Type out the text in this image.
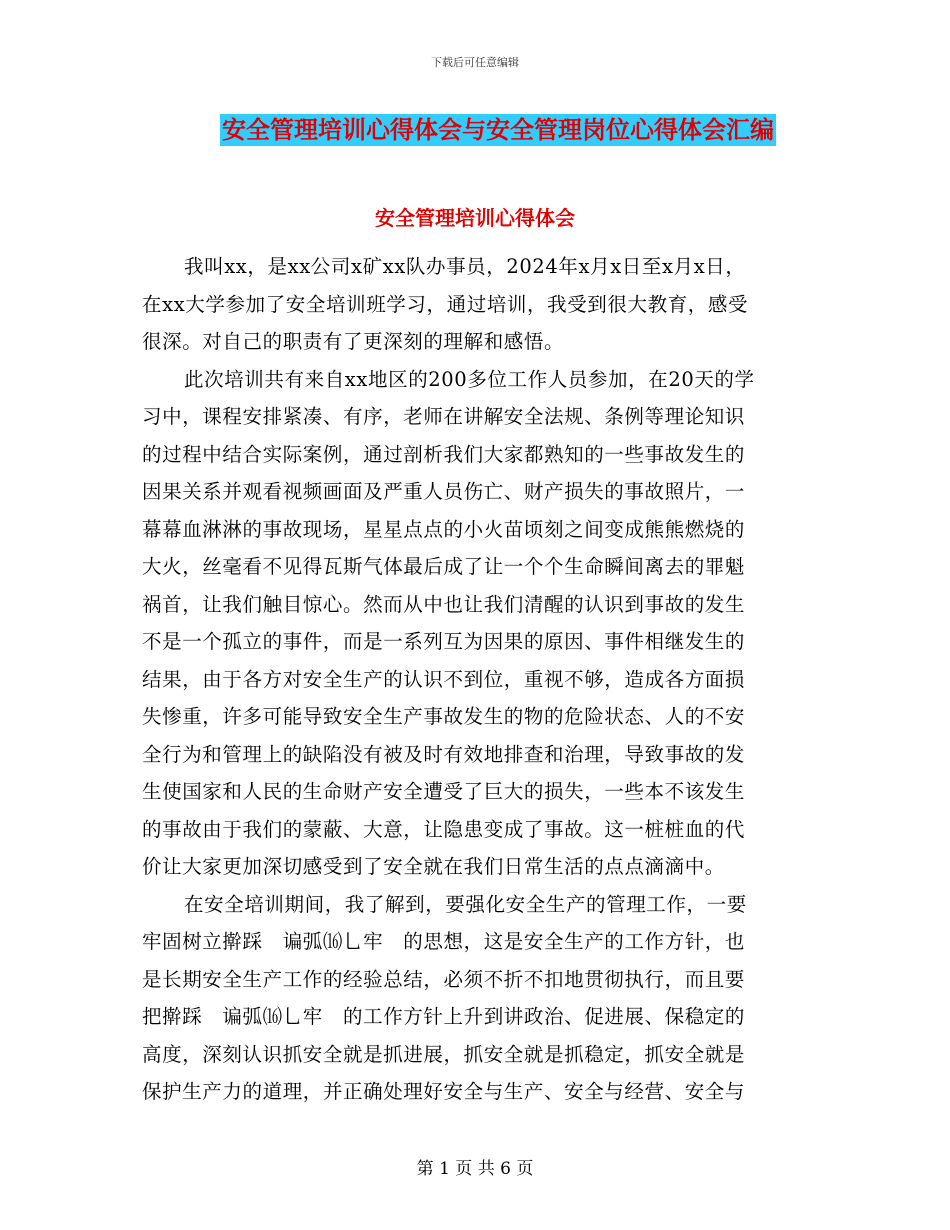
下载后可任意编辑
安全管理培训心得体会与安全管理岗位心得体会汇编
安全管理培训心得体会
我叫xx，是xx公司x矿xx队办事员，2024年x月x日至x月x日，
在xx大学参加了安全培训班学习，通过培训，我受到很大教育，感受
很深。对自己的职责有了更深刻的理解和感悟。
此次培训共有来自xx地区的200多位工作人员参加，在20天的学
习中，课程安排紧凑、有序，老师在讲解安全法规、条例等理论知识
的过程中结合实际案例，通过剖析我们大家都熟知的一些事故发生的
因果关系并观看视频画面及严重人员伤亡、财产损失的事故照片，一
幕幕血淋淋的事故现场，星星点点的小火苗顷刻之间变成熊熊燃烧的
大火，丝毫看不见得瓦斯气体最后成了让一个个生命瞬间离去的罪魁
祸首，让我们触目惊心。然而从中也让我们清醒的认识到事故的发生
不是一个孤立的事件，而是一系列互为因果的原因、事件相继发生的
结果，由于各方对安全生产的认识不到位，重视不够，造成各方面损
失惨重，许多可能导致安全生产事故发生的物的危险状态、人的不安
全行为和管理上的缺陷没有被及时有效地排查和治理，导致事故的发
生使国家和人民的生命财产安全遭受了巨大的损失，一些本不该发生
的事故由于我们的蒙蔽、大意，让隐患变成了事故。这一桩桩血的代
价让大家更加深切感受到了安全就在我们日常生活的点点滴滴中。
在安全培训期间，我了解到，要强化安全生产的管理工作，一要
牢固树立擀踩　谝弧⒃乚牢　的思想，这是安全生产的工作方针，也
是长期安全生产工作的经验总结，必须不折不扣地贯彻执行，而且要
把擀踩　谝弧⒃乚牢　的工作方针上升到讲政治、促进展、保稳定的
高度，深刻认识抓安全就是抓进展，抓安全就是抓稳定，抓安全就是
保护生产力的道理，并正确处理好安全与生产、安全与经营、安全与
第 1 页 共 6 页
